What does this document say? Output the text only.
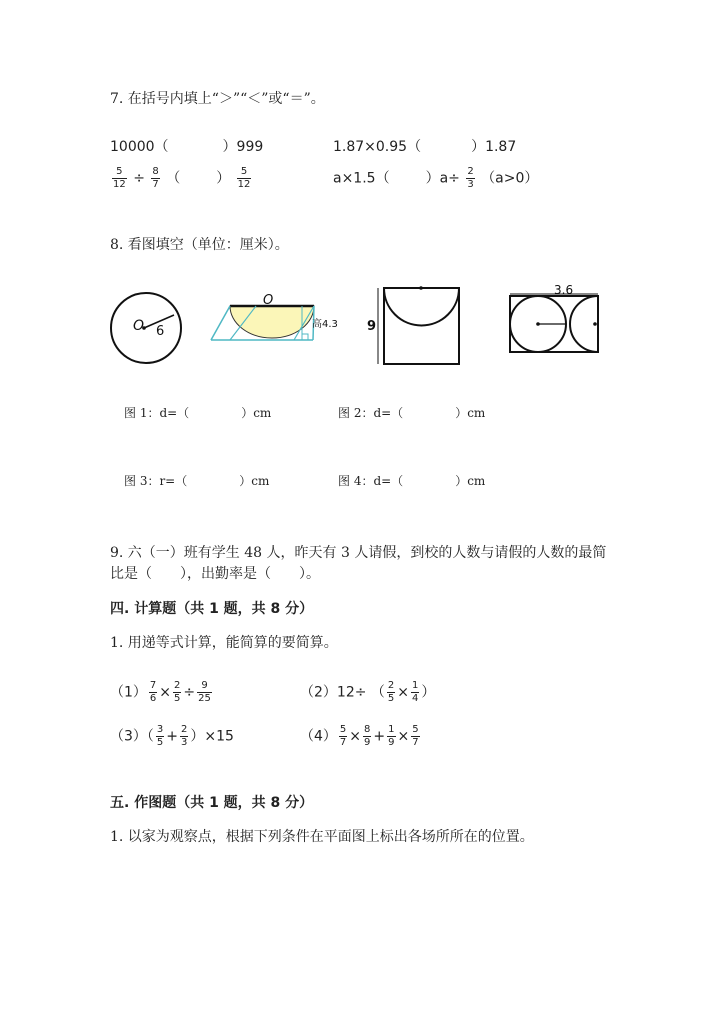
7. 在括号内填上“＞”“＜”或“＝”。
10000（	）999	1.87×0.95（	）1.87
$\frac{5}{12} \div \frac{8}{7}$ （	） $\frac{5}{12}$	a×1.5（	）$a\div \frac{2}{3} (a>0)$
8. 看图填空（单位：厘米）。
O 6
O
高4.3 9
3.6
图 1：d=（	）cm	图 2：d=（	）cm
图 3：r=（	）cm	图 4：d=（	）cm
9. 六（一）班有学生 48 人，昨天有 3 人请假，到校的人数与请假的人数的最简
比是（　　），出勤率是（　　）。
四. 计算题（共 1 题，共 8 分）
1. 用递等式计算，能简算的要简算。
$(1) \frac{7}{6} \times \frac{2}{5} \div \frac{9}{25}$	（2）12÷ （ $\frac{2}{5} \times \frac{1}{4}$ ）
$(3)( \frac{3}{5} + \frac{2}{3} )\times 15$	$(4) \frac{5}{7} \times \frac{8}{9} + \frac{1}{9} \times \frac{5}{7}$
五. 作图题（共 1 题，共 8 分）
1. 以家为观察点，根据下列条件在平面图上标出各场所所在的位置。
